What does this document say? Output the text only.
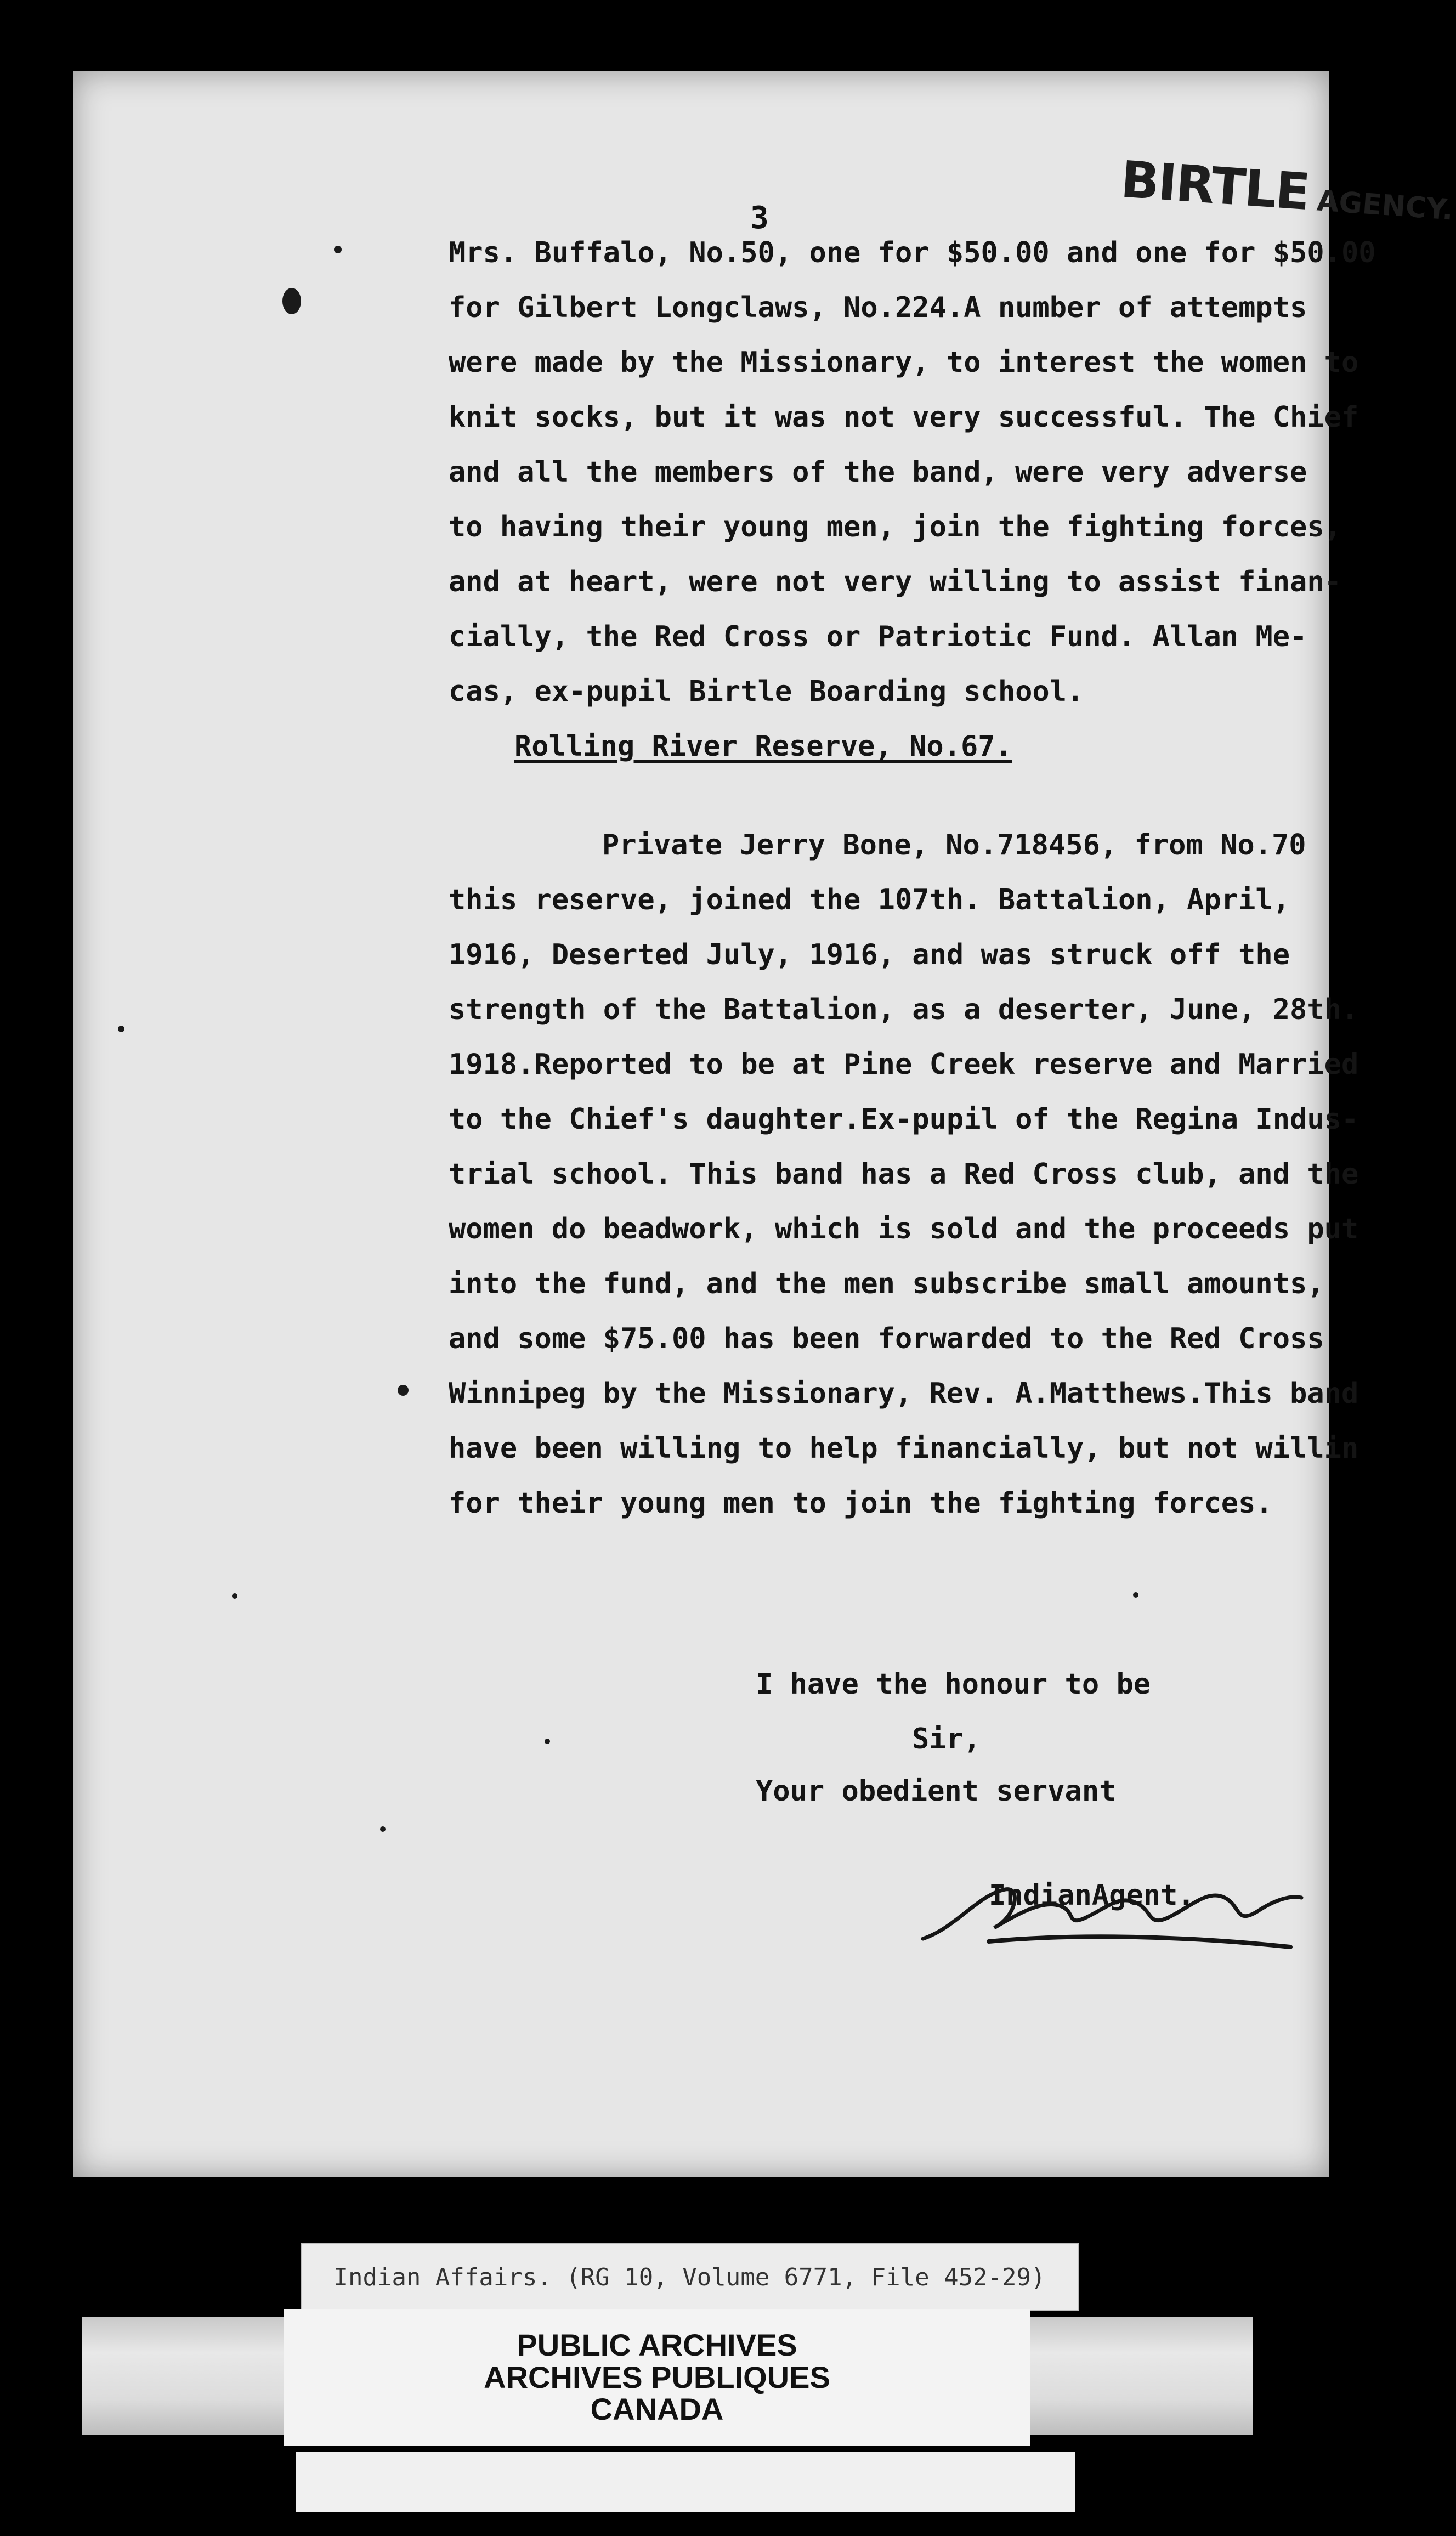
3	BIRTLE AGENCY.
Mrs. Buffalo, No.50, one for $50.00 and one for $50.00
for Gilbert Longclaws, No.224.A number of attempts
were made by the Missionary, to interest the women to
knit socks, but it was not very successful. The Chief
and all the members of the band, were very adverse
to having their young men, join the fighting forces,
and at heart, were not very willing to assist finan-
cially, the Red Cross or Patriotic Fund. Allan Me-
cas, ex-pupil Birtle Boarding school.
Rolling River Reserve, No.67.
Private Jerry Bone, No.718456, from No.70
this reserve, joined the 107th. Battalion, April,
1916, Deserted July, 1916, and was struck off the
strength of the Battalion, as a deserter, June, 28th.
1918.Reported to be at Pine Creek reserve and Married
to the Chief's daughter.Ex-pupil of the Regina Indus-
trial school. This band has a Red Cross club, and the
women do beadwork, which is sold and the proceeds put
into the fund, and the men subscribe small amounts,
and some $75.00 has been forwarded to the Red Cross
Winnipeg by the Missionary, Rev. A.Matthews.This band
have been willing to help financially, but not willin
for their young men to join the fighting forces.
I have the honour to be
Sir,
Your obedient servant
IndianAgent.
Indian Affairs. (RG 10, Volume 6771, File 452-29)
PUBLIC ARCHIVES
ARCHIVES PUBLIQUES
CANADA
